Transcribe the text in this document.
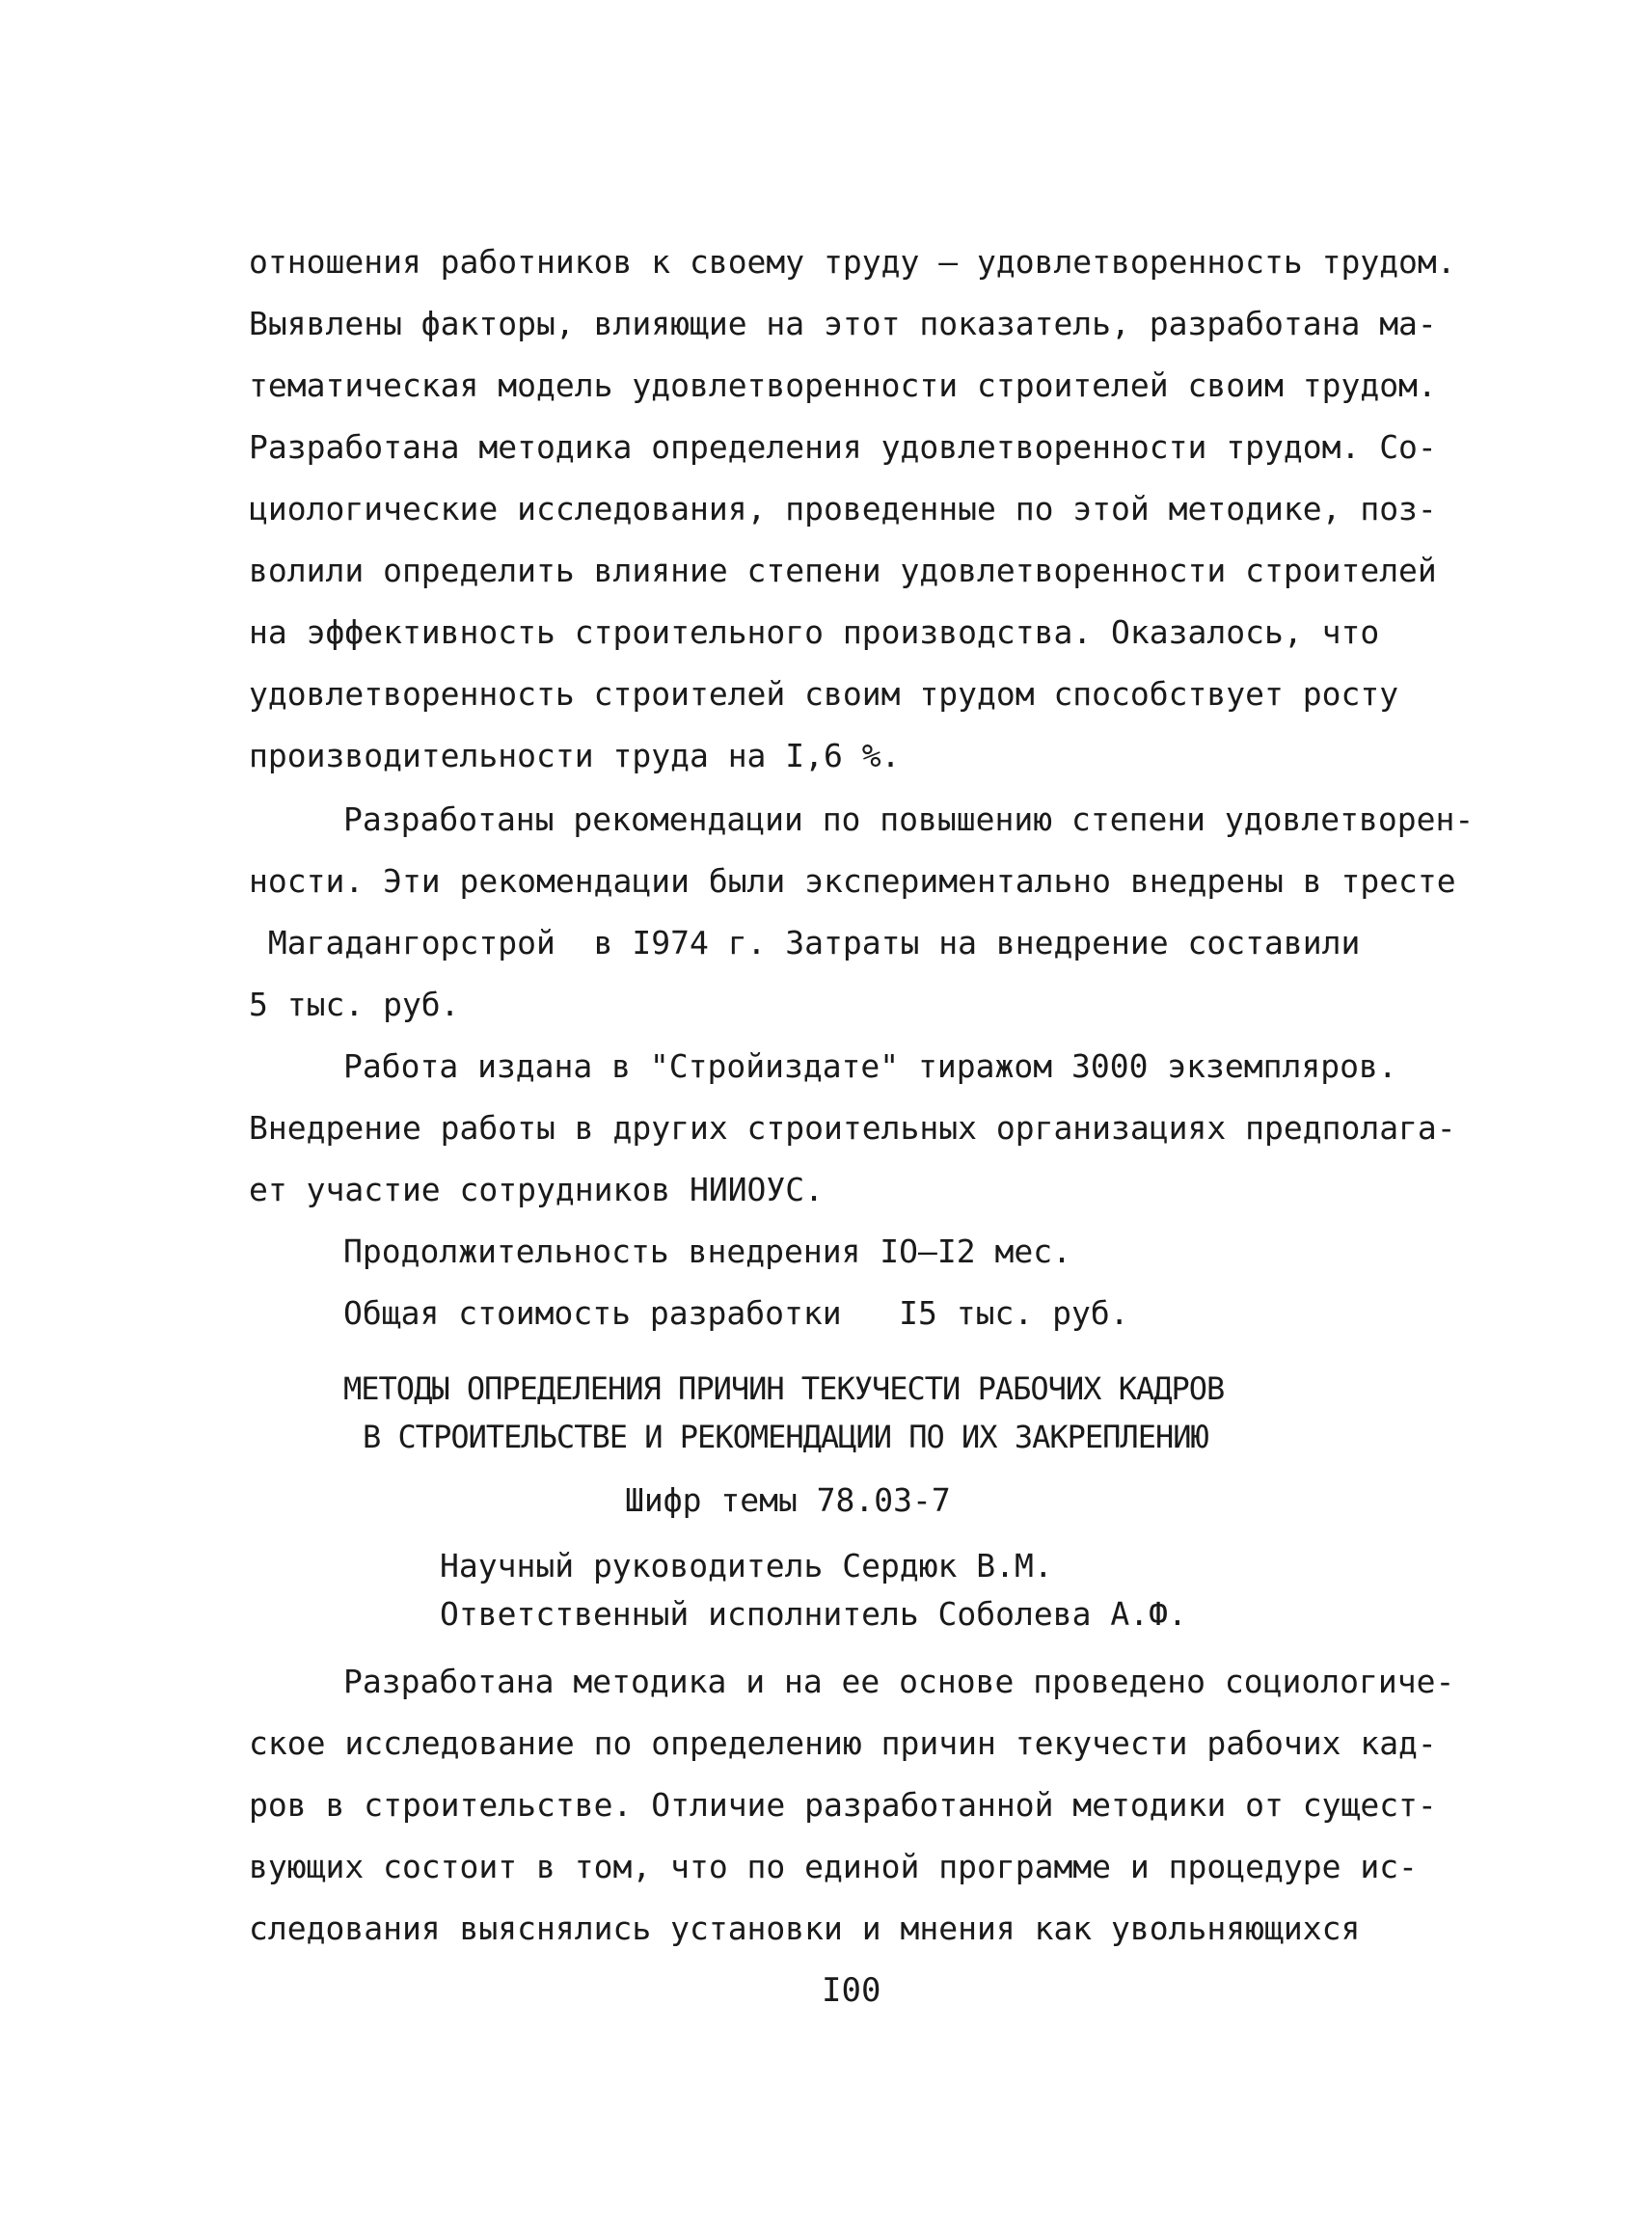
отношения работников к своему труду – удовлетворенность трудом.
Выявлены факторы, влияющие на этот показатель, разработана ма-
тематическая модель удовлетворенности строителей своим трудом.
Разработана методика определения удовлетворенности трудом. Со-
циологические исследования, проведенные по этой методике, поз-
волили определить влияние степени удовлетворенности строителей
на эффективность строительного производства. Оказалось, что
удовлетворенность строителей своим трудом способствует росту
производительности труда на I,6 %.
Разработаны рекомендации по повышению степени удовлетворен-
ности. Эти рекомендации были экспериментально внедрены в тресте
Магадангорстрой  в I974 г. Затраты на внедрение составили
5 тыс. руб.
Работа издана в "Стройиздате" тиражом 3000 экземпляров.
Внедрение работы в других строительных организациях предполага-
ет участие сотрудников НИИОУС.
Продолжительность внедрения IО–I2 мес.
Общая стоимость разработки   I5 тыс. руб.
МЕТОДЫ ОПРЕДЕЛЕНИЯ ПРИЧИН ТЕКУЧЕСТИ РАБОЧИХ КАДРОВ
В СТРОИТЕЛЬСТВЕ И РЕКОМЕНДАЦИИ ПО ИХ ЗАКРЕПЛЕНИЮ
Шифр темы 78.03-7
Научный руководитель Сердюк В.М.
Ответственный исполнитель Соболева А.Ф.
Разработана методика и на ее основе проведено социологиче-
ское исследование по определению причин текучести рабочих кад-
ров в строительстве. Отличие разработанной методики от сущест-
вующих состоит в том, что по единой программе и процедуре ис-
следования выяснялись установки и мнения как увольняющихся
I00
